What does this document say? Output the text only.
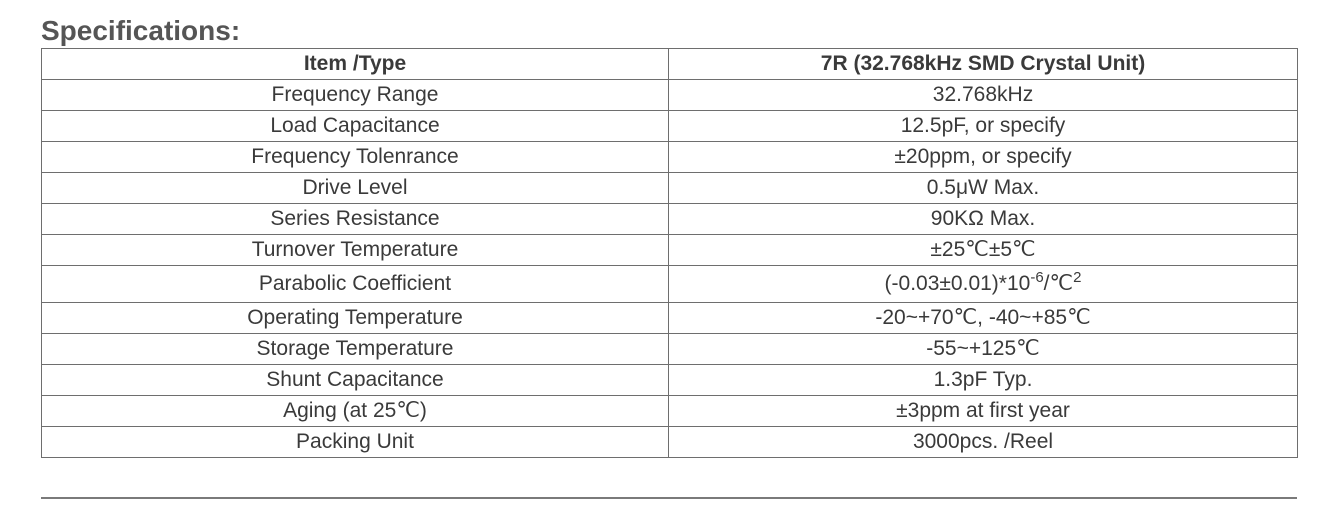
Specifications:
Item /Type	7R (32.768kHz SMD Crystal Unit)
Frequency Range	32.768kHz
Load Capacitance	12.5pF, or specify
Frequency Tolenrance	±20ppm, or specify
Drive Level	0.5μW Max.
Series Resistance	90KΩ Max.
Turnover Temperature	±25℃±5℃
Parabolic Coefficient	$(-0.03\pm 0.01)*10^{-6}/℃^2$
Operating Temperature	-20~+70℃, -40~+85℃
Storage Temperature	-55~+125℃
Shunt Capacitance	1.3pF Typ.
Aging (at 25℃)	±3ppm at first year
Packing Unit	3000pcs. /Reel
